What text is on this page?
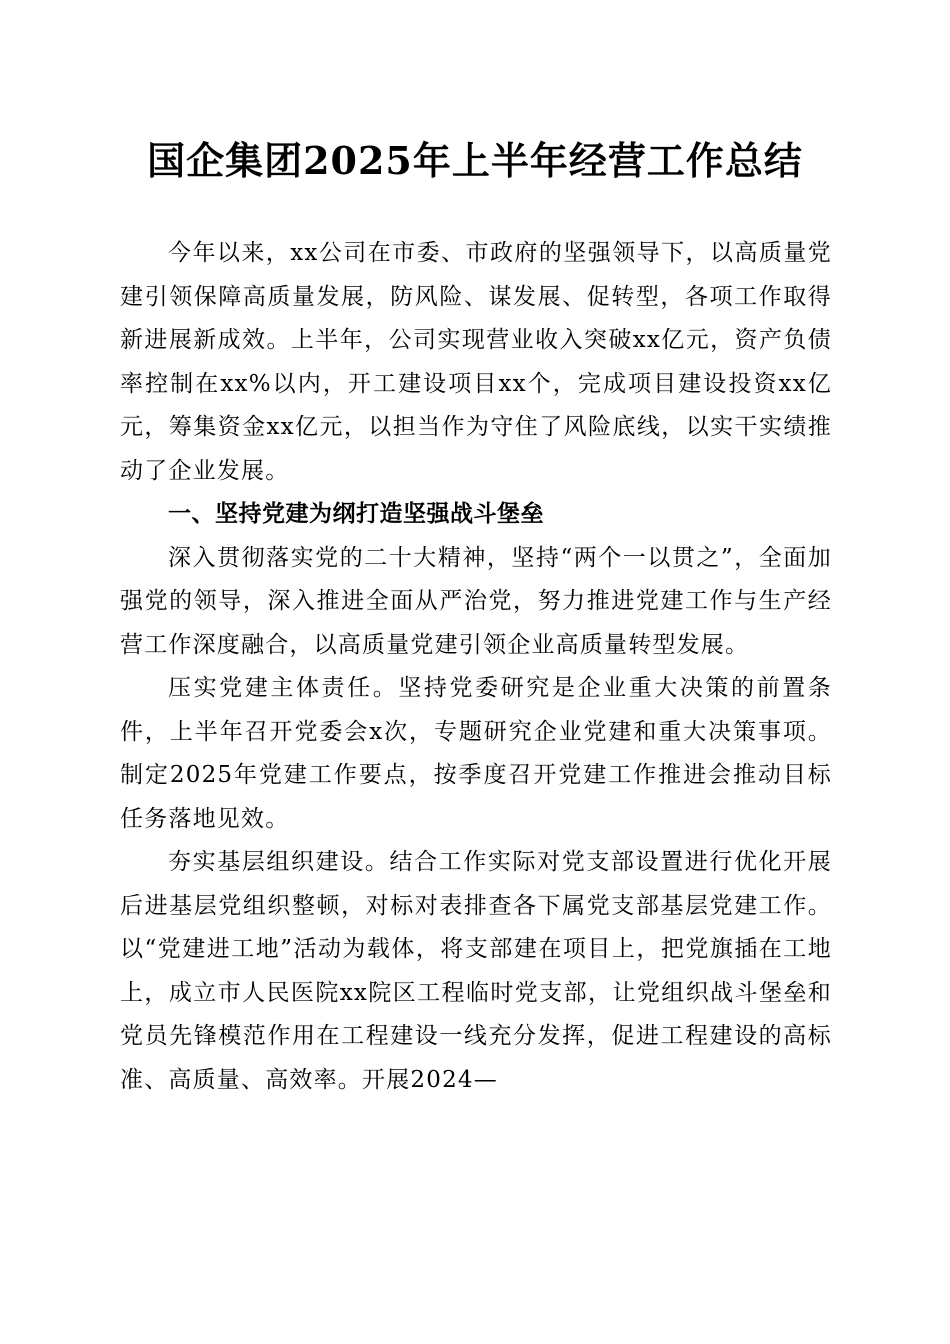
国企集团2025年上半年经营工作总结

今年以来，xx公司在市委、市政府的坚强领导下，以高质量党建引领保障高质量发展，防风险、谋发展、促转型，各项工作取得新进展新成效。上半年，公司实现营业收入突破xx亿元，资产负债率控制在xx%以内，开工建设项目xx个，完成项目建设投资xx亿元，筹集资金xx亿元，以担当作为守住了风险底线，以实干实绩推动了企业发展。

一、坚持党建为纲打造坚强战斗堡垒

深入贯彻落实党的二十大精神，坚持“两个一以贯之”，全面加强党的领导，深入推进全面从严治党，努力推进党建工作与生产经营工作深度融合，以高质量党建引领企业高质量转型发展。

压实党建主体责任。坚持党委研究是企业重大决策的前置条件，上半年召开党委会x次，专题研究企业党建和重大决策事项。制定2025年党建工作要点，按季度召开党建工作推进会推动目标任务落地见效。

夯实基层组织建设。结合工作实际对党支部设置进行优化开展后进基层党组织整顿，对标对表排查各下属党支部基层党建工作。以“党建进工地”活动为载体，将支部建在项目上，把党旗插在工地上，成立市人民医院xx院区工程临时党支部，让党组织战斗堡垒和党员先锋模范作用在工程建设一线充分发挥，促进工程建设的高标准、高质量、高效率。开展2024—
